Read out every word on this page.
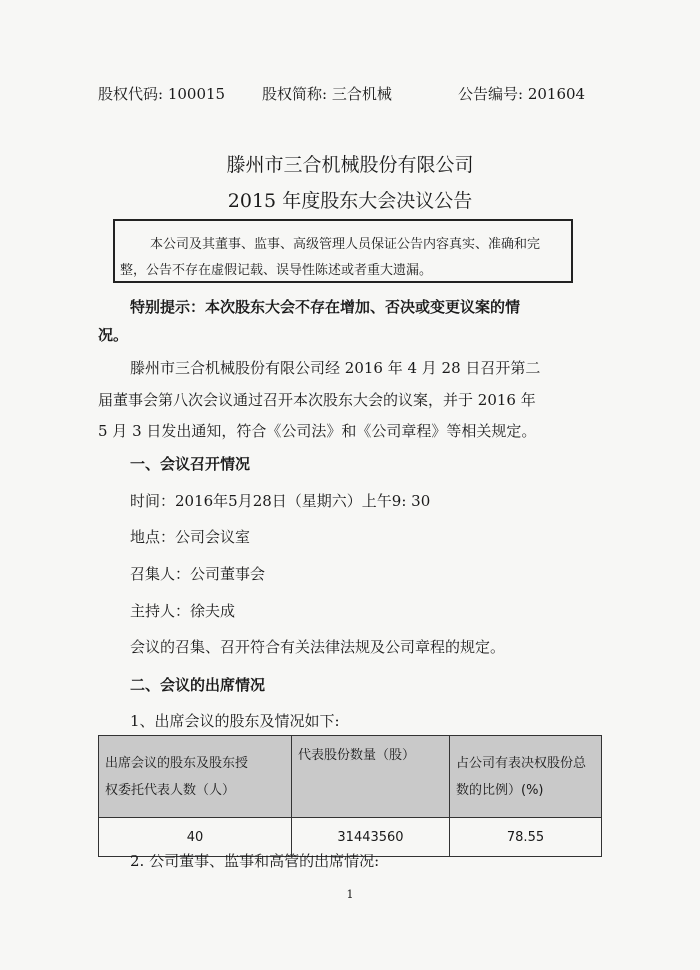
股权代码: 100015 股权简称: 三合机械	公告编号: 201604
滕州市三合机械股份有限公司
2015 年度股东大会决议公告
本公司及其董事、监事、高级管理人员保证公告内容真实、准确和完
整，公告不存在虚假记载、误导性陈述或者重大遗漏。
特别提示：本次股东大会不存在增加、否决或变更议案的情
况。
滕州市三合机械股份有限公司经 2016 年 4 月 28 日召开第二
届董事会第八次会议通过召开本次股东大会的议案，并于 2016 年
5 月 3 日发出通知，符合《公司法》和《公司章程》等相关规定。
一、会议召开情况
时间：2016年5月28日（星期六）上午9: 30
地点：公司会议室
召集人：公司董事会
主持人：徐夫成
会议的召集、召开符合有关法律法规及公司章程的规定。
二、会议的出席情况
1、出席会议的股东及情况如下:
出席会议的股东及股东授
权委托代表人数（人）	代表股份数量（股）	占公司有表决权股份总
数的比例）(%)
40	31443560	78.55
2. 公司董事、监事和高管的出席情况:
1
